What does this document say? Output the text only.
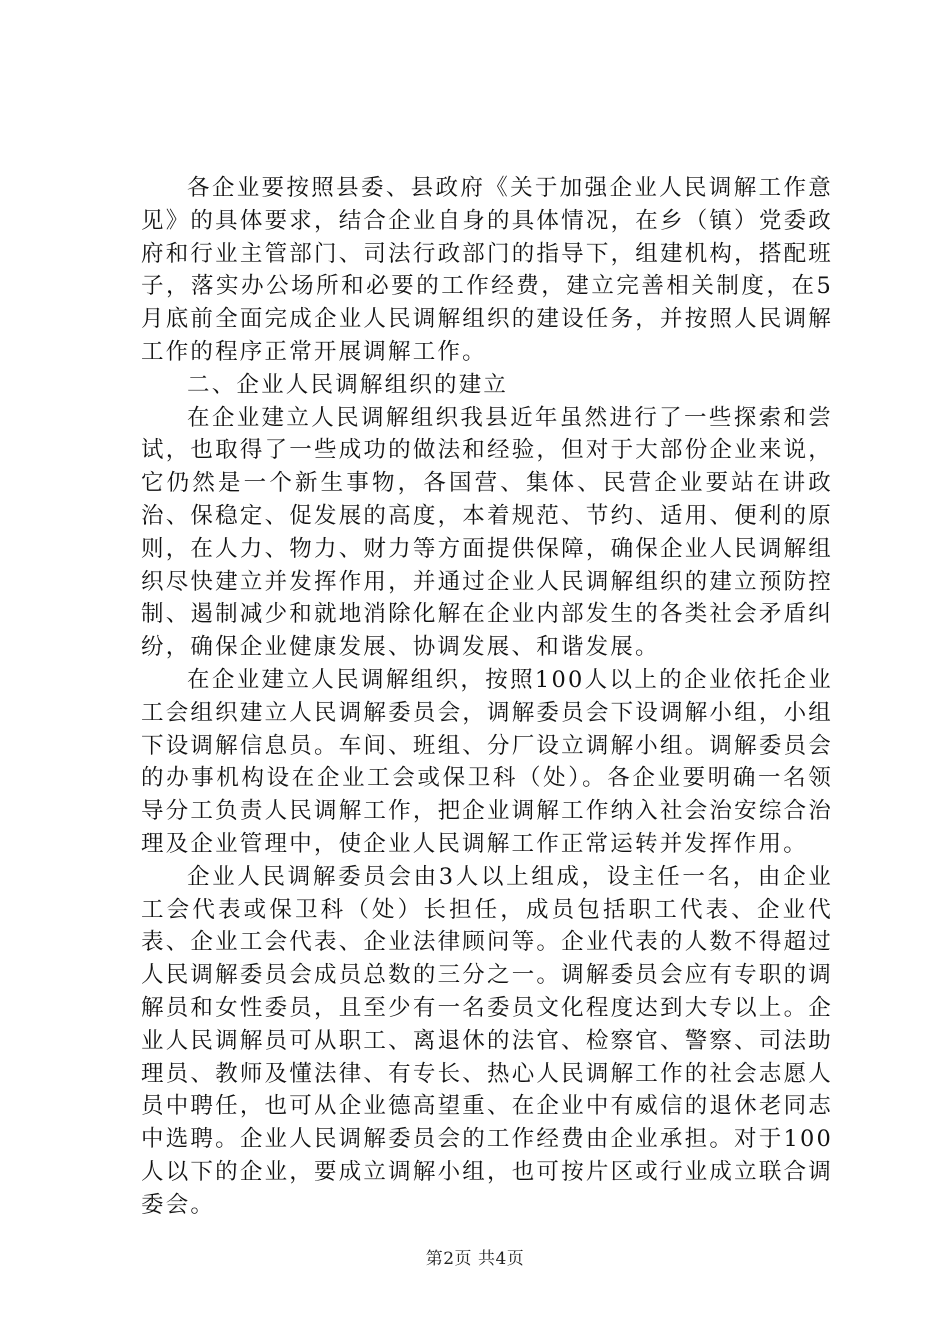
各企业要按照县委、县政府《关于加强企业人民调解工作意见》的具体要求，结合企业自身的具体情况，在乡（镇）党委政府和行业主管部门、司法行政部门的指导下，组建机构，搭配班子，落实办公场所和必要的工作经费，建立完善相关制度，在5月底前全面完成企业人民调解组织的建设任务，并按照人民调解工作的程序正常开展调解工作。

二、企业人民调解组织的建立

在企业建立人民调解组织我县近年虽然进行了一些探索和尝试，也取得了一些成功的做法和经验，但对于大部份企业来说，它仍然是一个新生事物，各国营、集体、民营企业要站在讲政治、保稳定、促发展的高度，本着规范、节约、适用、便利的原则，在人力、物力、财力等方面提供保障，确保企业人民调解组织尽快建立并发挥作用，并通过企业人民调解组织的建立预防控制、遏制减少和就地消除化解在企业内部发生的各类社会矛盾纠纷，确保企业健康发展、协调发展、和谐发展。

在企业建立人民调解组织，按照100人以上的企业依托企业工会组织建立人民调解委员会，调解委员会下设调解小组，小组下设调解信息员。车间、班组、分厂设立调解小组。调解委员会的办事机构设在企业工会或保卫科（处）。各企业要明确一名领导分工负责人民调解工作，把企业调解工作纳入社会治安综合治理及企业管理中，使企业人民调解工作正常运转并发挥作用。

企业人民调解委员会由3人以上组成，设主任一名，由企业工会代表或保卫科（处）长担任，成员包括职工代表、企业代表、企业工会代表、企业法律顾问等。企业代表的人数不得超过人民调解委员会成员总数的三分之一。调解委员会应有专职的调解员和女性委员，且至少有一名委员文化程度达到大专以上。企业人民调解员可从职工、离退休的法官、检察官、警察、司法助理员、教师及懂法律、有专长、热心人民调解工作的社会志愿人员中聘任，也可从企业德高望重、在企业中有威信的退休老同志中选聘。企业人民调解委员会的工作经费由企业承担。对于100人以下的企业，要成立调解小组，也可按片区或行业成立联合调委会。

第2页 共4页
